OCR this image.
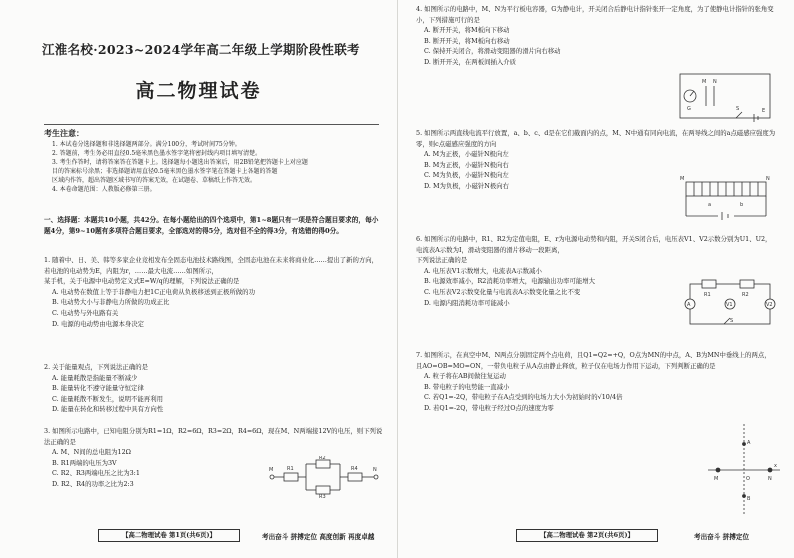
江淮名校·2023~2024学年高二年级上学期阶段性联考
高二物理试卷
考生注意：
1. 本试卷分选择题和非选择题两部分。满分100分，考试时间75分钟。
2. 答题前，考生务必用直径0.5毫米黑色墨水签字笔将密封线内项目填写清楚。
3. 考生作答时，请将答案答在答题卡上。选择题每小题选出答案后，用2B铅笔把答题卡上对应题
目的答案标号涂黑；非选择题请用直径0.5毫米黑色墨水签字笔在答题卡上各题的答题
区域内作答，超出答题区域书写的答案无效，在试题卷、草稿纸上作答无效。
4. 本卷命题范围：人教版必修第三册。
一、选择题：本题共10小题，共42分。在每小题给出的四个选项中，第1~8题只有一项是符合题目要求的，每小题4分，第9~10题有多项符合题目要求，全部选对的得5分，选对但不全的得3分，有选错的得0分。

1. 随着中、日、美、韩等多家企业竞相发布全固态电池技术路线图，全固态电池在未来将商业化……提出了新的方向，若电池的电动势为E，内阻为r，……最大电流……如图所示，

某手机，关于电源中电动势定义式E=W/q的理解，下列说法正确的是

A. 电动势在数值上等于非静电力把1C正电荷从负极移送到正极所做的功

B. 电动势大小与非静电力所做的功成正比

C. 电动势与外电路有关

D. 电源的电动势由电源本身决定

2. 关于能量观点，下列说法正确的是

A. 能量耗散是指能量不断减少

B. 能量转化不遵守能量守恒定律

C. 能量耗散不断发生，说明不能再利用

D. 能量在转化和转移过程中具有方向性

3. 如图所示电路中，已知电阻分别为R1=1Ω，R2=6Ω，R3=2Ω，R4=6Ω，现在M、N两端接12V的电压，则下列说法正确的是

A. M、N间的总电阻为12Ω

B. R1两端的电压为3V

C. R2、R3两端电压之比为3:1

D. R2、R4的功率之比为2:3

M	R1
R2
R3
R4	N
【高二物理试卷 第1页(共6页)】	考出奋斗 拼搏定位 高度创新 再度卓越

4. 如图所示的电路中，M、N为平行板电容器，G为静电计，开关闭合后静电计指针张开一定角度，为了使静电计指针的张角变小，下列措施可行的是

A. 断开开关，将M板向下移动

B. 断开开关，将M板向右移动

C. 保持开关闭合，将滑动变阻器的滑片向右移动

D. 断开开关，在两板间插入介质

M N
G	S	E

5. 如图所示两直线电流平行放置，a、b、c、d是在它们截面内的点，M、N中通有同向电流，在两导线之间的a点磁感应强度为零，则c点磁感应强度的方向

A. M为正极，小磁针N极向左

B. M为正极，小磁针N极向右

C. M为负极，小磁针N极向左

D. M为负极，小磁针N极向右

M	N
a	b

6. 如图所示的电路中，R1、R2为定值电阻，E、r为电源电动势和内阻，开关S闭合后，电压表V1、V2示数分别为U1、U2，电流表A示数为I，滑动变阻器的滑片移动一段距离，

下列说法正确的是

A. 电压表V1示数增大，电流表A示数减小

B. 电源效率减小，R2消耗功率增大，电源输出功率可能增大

C. 电压表V2示数变化量与电流表A示数变化量之比不变

D. 电源内阻消耗功率可能减小

R1	R2
V1	V2
A
S

7. 如图所示，在真空中M、N两点分别固定两个点电荷，且Q1=Q2=+Q，O点为MN的中点，A、B为MN中垂线上的两点，且AO=OB=MO=ON，一带负电粒子从A点由静止释放，粒子仅在电场力作用下运动，下列判断正确的是

A. 粒子将在AB间做往复运动

B. 带电粒子的电势能一直减小

C. 若Q1=-2Q，带电粒子在A点受到的电场力大小为初始时的√10/4倍

D. 若Q1=-2Q，带电粒子经过O点的速度为零

M	O	N
A
B
x
【高二物理试卷 第2页(共6页)】	考出奋斗 拼搏定位
